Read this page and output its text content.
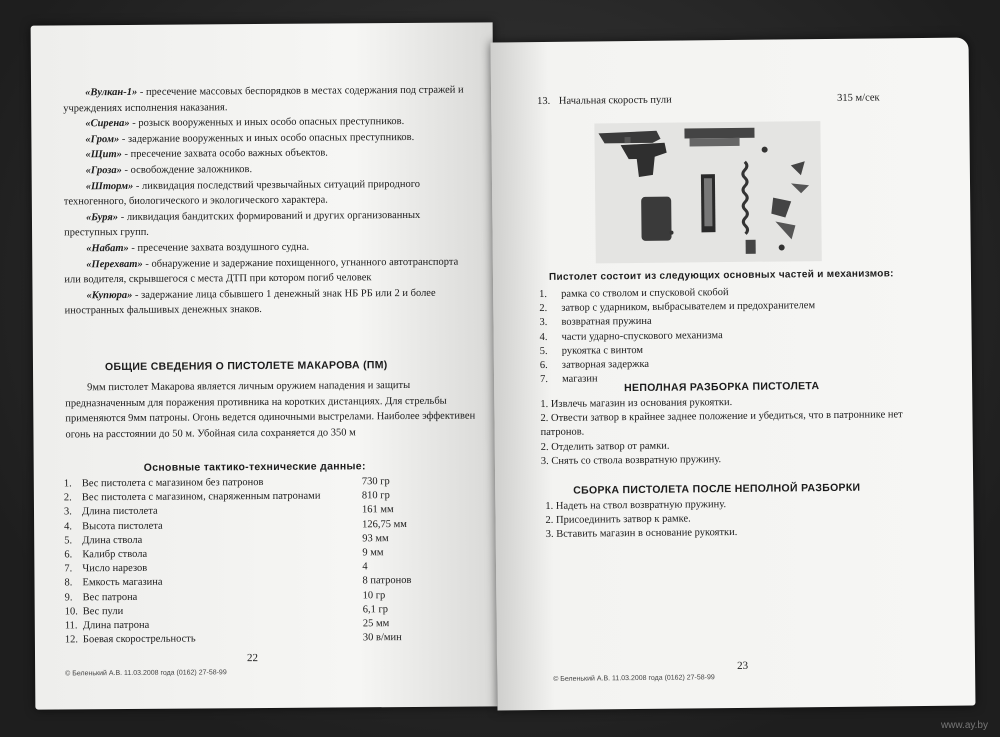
«Вулкан-1» - пресечение массовых беспорядков в местах содержания под стражей и учреждениях исполнения наказания.

«Сирена» - розыск вооруженных и иных особо опасных преступников.

«Гром» - задержание вооруженных и иных особо опасных преступников.

«Щит» - пресечение захвата особо важных объектов.

«Гроза» - освобождение заложников.

«Шторм» - ликвидация последствий чрезвычайных ситуаций природного техногенного, биологического и экологического характера.

«Буря» - ликвидация бандитских формирований и других организованных преступных групп.

«Набат» - пресечение захвата воздушного судна.

«Перехват» - обнаружение и задержание похищенного, угнанного автотранспорта или водителя, скрывшегося с места ДТП при котором погиб человек

«Купюра» - задержание лица сбывшего 1 денежный знак НБ РБ или 2 и более иностранных фальшивых денежных знаков.

ОБЩИЕ СВЕДЕНИЯ О ПИСТОЛЕТЕ МАКАРОВА (ПМ)

9мм пистолет Макарова является личным оружием нападения и защиты предназначенным для поражения противника на коротких дистанциях. Для стрельбы применяются 9мм патроны. Огонь ведется одиночными выстрелами. Наиболее эффективен огонь на расстоянии до 50 м. Убойная сила сохраняется до 350 м

Основные тактико-технические данные:
1. Вес пистолета с магазином без патронов	730 гр
2. Вес пистолета с магазином, снаряженным патронами	810 гр
3. Длина пистолета	161 мм
4. Высота пистолета	126,75 мм
5. Длина ствола	93 мм
6. Калибр ствола	9 мм
7. Число нарезов	4
8. Емкость магазина	8 патронов
9. Вес патрона	10 гр
10. Вес пули	6,1 гр
11. Длина патрона	25 мм
12. Боевая скорострельность	30 в/мин
22
© Беленький А.В. 11.03.2008 года (0162) 27-58-99
13. Начальная скорость пули	315 м/сек
Пистолет состоит из следующих основных частей и механизмов:
1.	рамка со стволом и спусковой скобой
2.	затвор с ударником, выбрасывателем и предохранителем
3.	возвратная пружина
4.	части ударно-спускового механизма
5.	рукоятка с винтом
6.	затворная задержка
7.	магазин
НЕПОЛНАЯ РАЗБОРКА ПИСТОЛЕТА
1. Извлечь магазин из основания рукоятки.
2. Отвести затвор в крайнее заднее положение и убедиться, что в патроннике нет патронов.
2. Отделить затвор от рамки.
3. Снять со ствола возвратную пружину.
СБОРКА ПИСТОЛЕТА ПОСЛЕ НЕПОЛНОЙ РАЗБОРКИ
1. Надеть на ствол возвратную пружину.
2. Присоединить затвор к рамке.
3. Вставить магазин в основание рукоятки.
23
© Беленький А.В. 11.03.2008 года (0162) 27-58-99
www.ay.by
